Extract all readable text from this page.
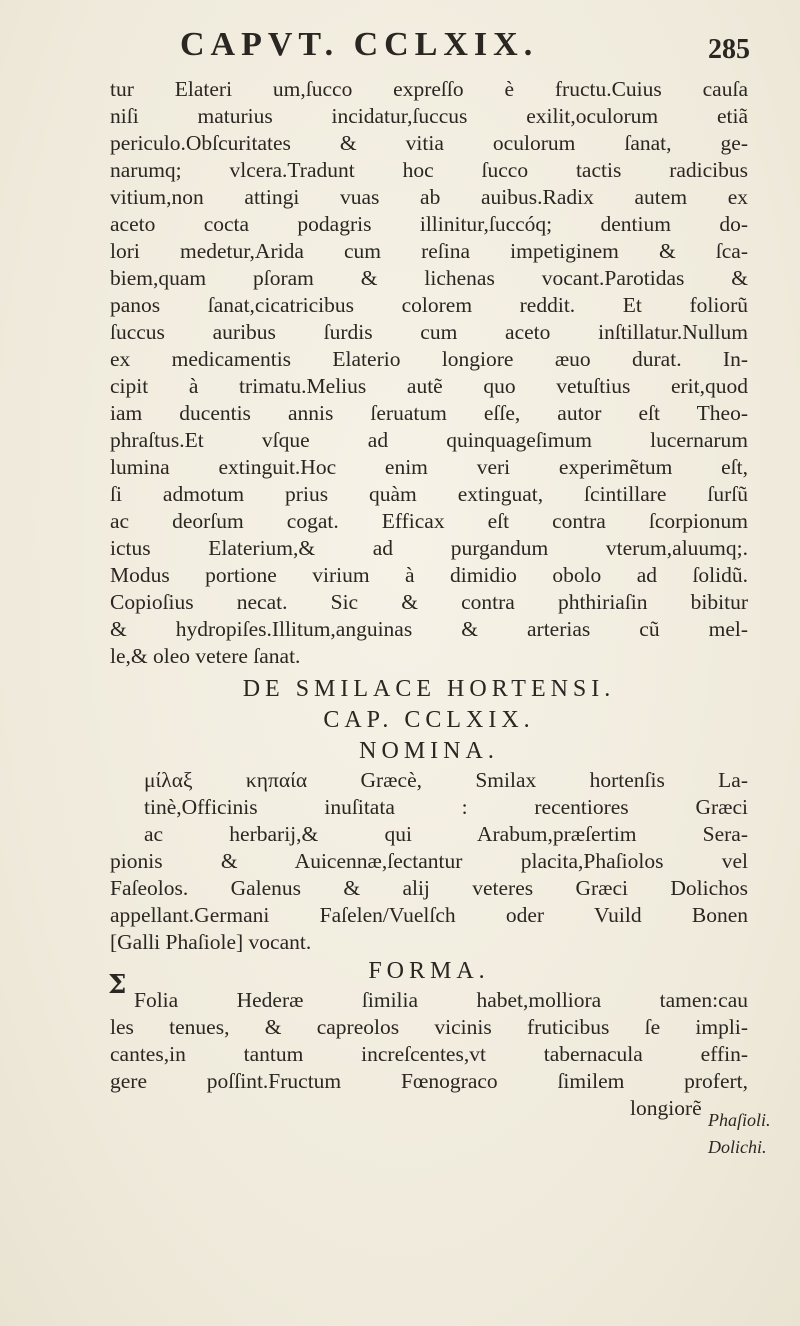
CAPVT. CCLXIX.	285
tur Elateri um,ſucco expreſſo è fructu.Cuius cauſa
niſi maturius incidatur,ſuccus exilit,oculorum etiã
periculo.Obſcuritates & vitia oculorum ſanat, ge-
narumq; vlcera.Tradunt hoc ſucco tactis radicibus
vitium,non attingi vuas ab auibus.Radix autem ex
aceto cocta podagris illinitur,ſuccóq; dentium do-
lori medetur,Arida cum reſina impetiginem & ſca-
biem,quam pſoram & lichenas vocant.Parotidas &
panos ſanat,cicatricibus colorem reddit. Et foliorũ
ſuccus auribus ſurdis cum aceto inſtillatur.Nullum
ex medicamentis Elaterio longiore æuo durat. In-
cipit à trimatu.Melius autẽ quo vetuſtius erit,quod
iam ducentis annis ſeruatum eſſe, autor eſt Theo-
phraſtus.Et vſque ad quinquageſimum lucernarum
lumina extinguit.Hoc enim veri experimẽtum eſt,
ſi admotum prius quàm extinguat, ſcintillare ſurſũ
ac deorſum cogat. Efficax eſt contra ſcorpionum
ictus Elaterium,& ad purgandum vterum,aluumq;.
Modus portione virium à dimidio obolo ad ſolidũ.
Copioſius necat. Sic & contra phthiriaſin bibitur
& hydropiſes.Illitum,anguinas & arterias cũ mel-
le,& oleo vetere ſanat.
DE SMILACE HORTENSI.
CAP. CCLXIX.
NOMINA.
μίλαξ κηπαία Græcè, Smilax hortenſis La-
tinè,Officinis inuſitata : recentiores Græci
ac herbarij,& qui Arabum,præſertim Sera-
pionis & Auicennæ,ſectantur placita,Phaſiolos vel
Faſeolos. Galenus & alij veteres Græci Dolichos
appellant.Germani Faſelen/Vuelſch oder Vuild Bonen
[Galli Phaſiole] vocant.
FORMA.
Folia Hederæ ſimilia habet,molliora tamen:cau
les tenues, & capreolos vicinis fruticibus ſe impli-
cantes,in tantum increſcentes,vt tabernacula effin-
gere poſſint.Fructum Fœnograco ſimilem profert,
longiorẽ
Σ
Phaſioli.
Dolichi.
